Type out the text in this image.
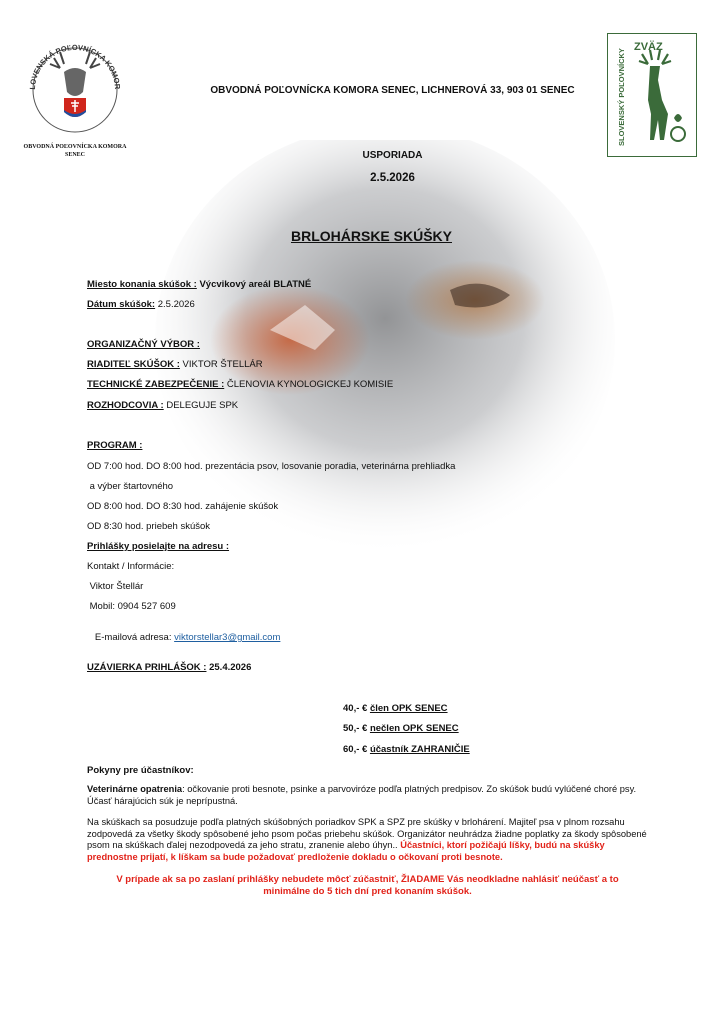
LOVENSKÁ POĽOVNÍCKA KOMOR
OBVODNÁ POĽOVNÍCKA KOMORA
SENEC
ZVÄZ
SLOVENSKÝ POĽOVNÍCKY
OBVODNÁ POĽOVNÍCKA KOMORA SENEC, LICHNEROVÁ 33, 903 01 SENEC
USPORIADA
2.5.2026
BRLOHÁRSKE SKÚŠKY
Miesto konania skúšok : Výcvikový areál BLATNÉ
Dátum skúšok: 2.5.2026
ORGANIZAČNÝ VÝBOR :
RIADITEĽ SKÚŠOK : VIKTOR ŠTELLÁR
TECHNICKÉ ZABEZPEČENIE : ČLENOVIA KYNOLOGICKEJ KOMISIE
ROZHODCOVIA : DELEGUJE SPK
PROGRAM :
OD 7:00 hod. DO 8:00 hod. prezentácia psov, losovanie poradia, veterinárna prehliadka
a výber štartovného
OD 8:00 hod. DO 8:30 hod. zahájenie skúšok
OD 8:30 hod. priebeh skúšok
Prihlášky posielajte na adresu :
Kontakt / Informácie:
Viktor Štellár
Mobil: 0904 527 609

E-mailová adresa: viktorstellar3@gmail.com

UZÁVIERKA PRIHLÁŠOK : 25.4.2026
40,- € člen OPK SENEC
50,- € nečlen OPK SENEC
60,- € účastník ZAHRANIČIE
Pokyny pre účastníkov:
Veterinárne opatrenia: očkovanie proti besnote, psinke a parvoviróze podľa platných predpisov. Zo skúšok budú vylúčené choré psy. Účasť hárajúcich súk je neprípustná.
Na skúškach sa posudzuje podľa platných skúšobných poriadkov SPK a SPZ pre skúšky v brlohárení. Majiteľ psa v plnom rozsahu zodpovedá za všetky škody spôsobené jeho psom počas priebehu skúšok. Organizátor neuhrádza žiadne poplatky za škody spôsobené psom na skúškach ďalej nezodpovedá za jeho stratu, zranenie alebo úhyn.. Účastníci, ktorí požičajú líšky, budú na skúšky prednostne prijatí, k líškam sa bude požadovať predloženie dokladu o očkovaní proti besnote.
V prípade ak sa po zaslaní prihlášky nebudete môcť zúčastniť, ŽIADAME Vás neodkladne nahlásiť neúčasť a to minimálne do 5 tich dní pred konaním skúšok.
